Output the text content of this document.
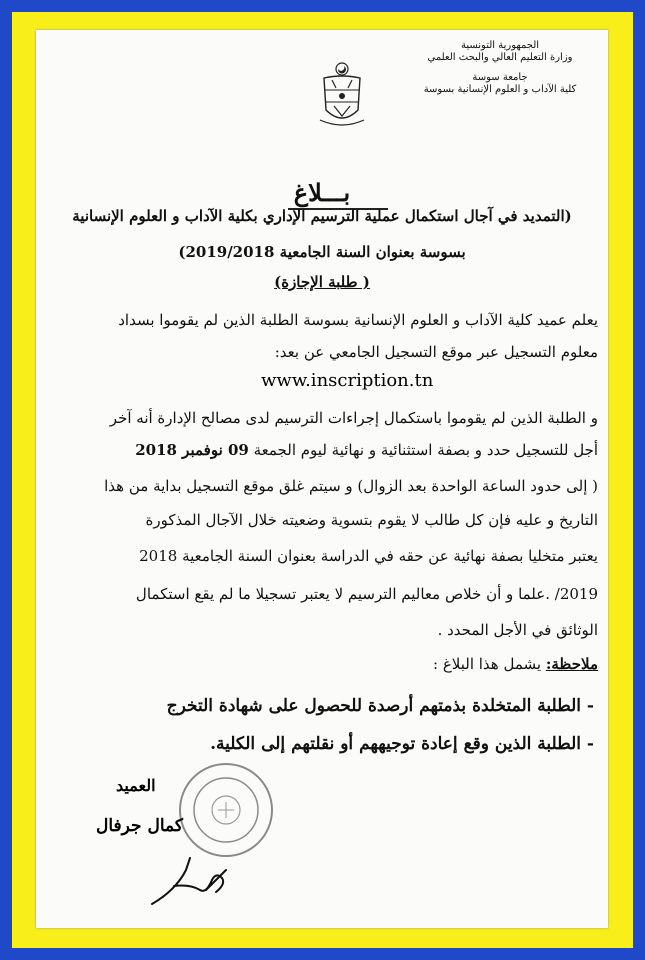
الجمهورية التونسية
وزارة التعليم العالي والبحث العلمي
جامعة سوسة
كلية الآداب و العلوم الإنسانية بسوسة
بـــلاغ
(التمديد في آجال استكمال عملية الترسيم الإداري بكلية الآداب و العلوم الإنسانية
بسوسة بعنوان السنة الجامعية 2019/2018)
( طلبة الإجازة)
يعلم عميد كلية الآداب و العلوم الإنسانية بسوسة الطلبة الذين لم يقوموا بسداد
معلوم التسجيل عبر موقع التسجيل الجامعي عن بعد:
www.inscription.tn
و الطلبة الذين لم يقوموا باستكمال إجراءات الترسيم لدى مصالح الإدارة أنه آخر
أجل للتسجيل حدد و بصفة استثنائية و نهائية ليوم الجمعة 09 نوفمبر 2018
( إلى حدود الساعة الواحدة بعد الزوال) و سيتم غلق موقع التسجيل بداية من هذا
التاريخ و عليه فإن كل طالب لا يقوم بتسوية وضعيته خلال الآجال المذكورة
يعتبر متخليا بصفة نهائية عن حقه في الدراسة بعنوان السنة الجامعية 2018
2019/ .علما و أن خلاص معاليم الترسيم لا يعتبر تسجيلا ما لم يقع استكمال
الوثائق في الأجل المحدد .
ملاحظة: يشمل هذا البلاغ :
- الطلبة المتخلدة بذمتهم أرصدة للحصول على شهادة التخرج
- الطلبة الذين وقع إعادة توجيههم أو نقلتهم إلى الكلية.
العميد
كمال جرفال
